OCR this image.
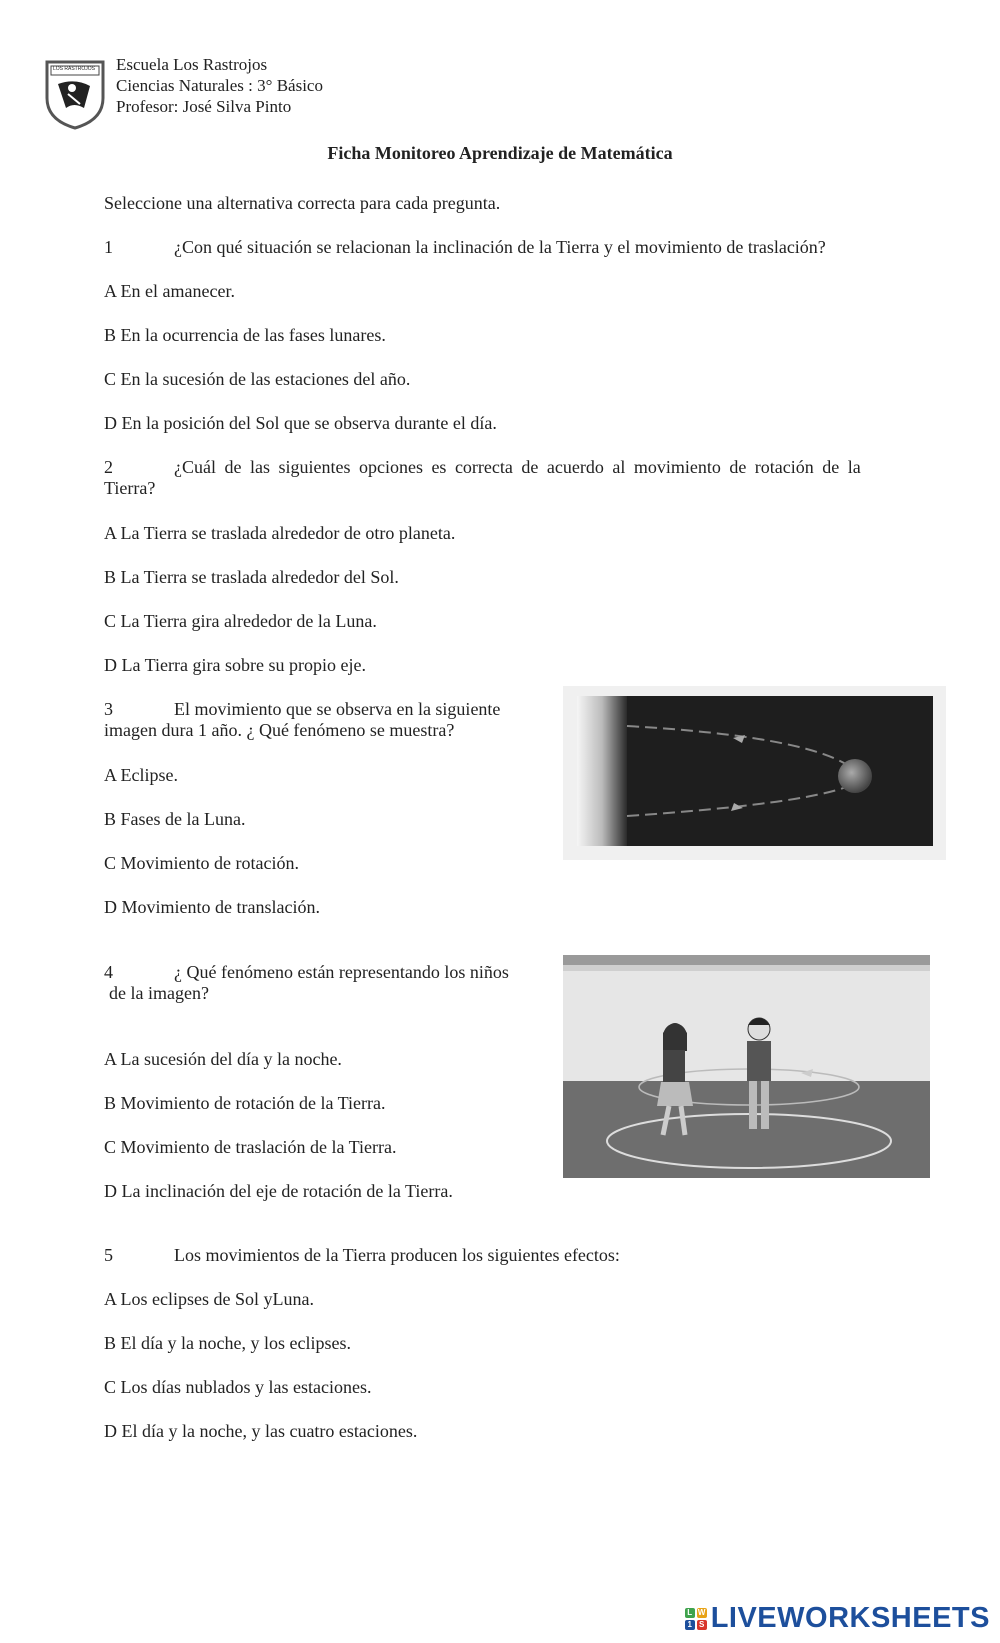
LOS RASTROJOS Escuela Los Rastrojos
Ciencias Naturales : 3° Básico
Profesor: José Silva Pinto
Ficha Monitoreo Aprendizaje de Matemática
Seleccione una alternativa correcta para cada pregunta.
1	¿Con qué situación se relacionan la inclinación de la Tierra y el movimiento de traslación?
A En el amanecer.
B En la ocurrencia de las fases lunares.
C En la sucesión de las estaciones del año.
D En la posición del Sol que se observa durante el día.
2	¿Cuál de las siguientes opciones es correcta de acuerdo al movimiento de rotación de la
Tierra?
A La Tierra se traslada alrededor de otro planeta.
B La Tierra se traslada alrededor del Sol.
C La Tierra gira alrededor de la Luna.
D La Tierra gira sobre su propio eje.
3	El movimiento que se observa en la siguiente
imagen dura 1 año. ¿ Qué fenómeno se muestra?
A Eclipse.
B Fases de la Luna.
C Movimiento de rotación.
D Movimiento de translación.
4	¿ Qué fenómeno están representando los niños
de la imagen?
A La sucesión del día y la noche.
B Movimiento de rotación de la Tierra.
C Movimiento de traslación de la Tierra.
D La inclinación del eje de rotación de la Tierra.
5	Los movimientos de la Tierra producen los siguientes efectos:
A Los eclipses de Sol yLuna.
B El día y la noche, y los eclipses.
C Los días nublados y las estaciones.
D El día y la noche, y las cuatro estaciones.
L W
1 S LIVEWORKSHEETS
